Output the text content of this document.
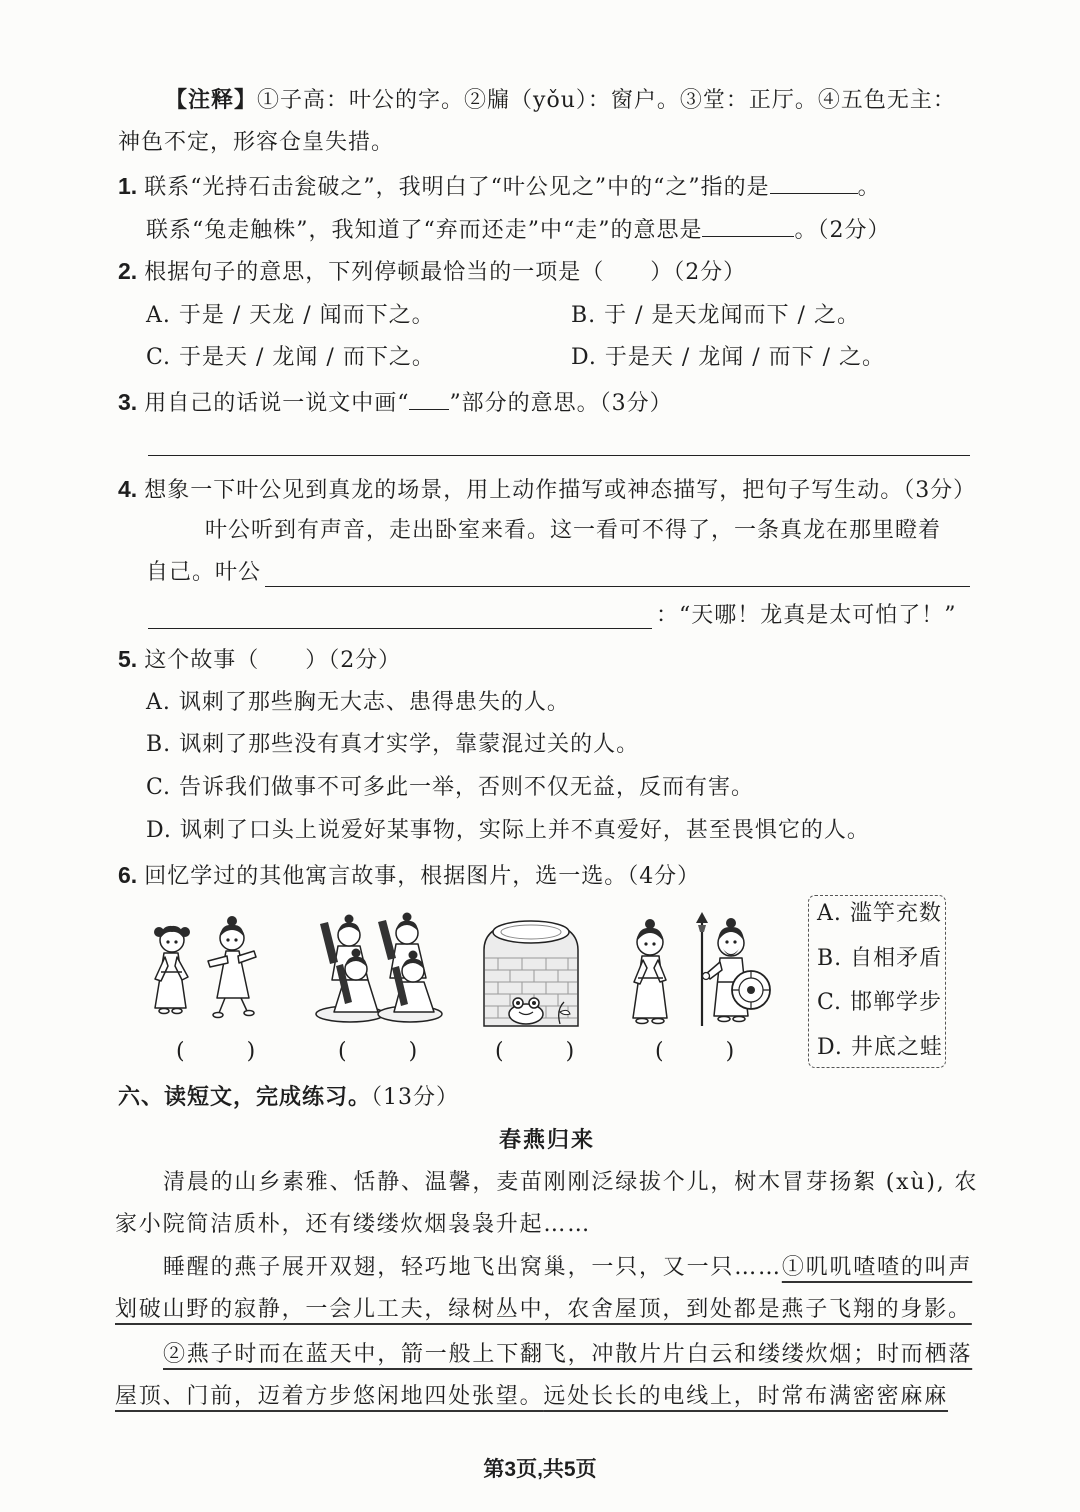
【注释】①子高：叶公的字。②牖（yǒu）：窗户。③堂：正厅。④五色无主：
神色不定，形容仓皇失措。
1. 联系“光持石击瓮破之”，我明白了“叶公见之”中的“之”指的是	。
联系“兔走触株”，我知道了“弃而还走”中“走”的意思是	。（2分）
2. 根据句子的意思，下列停顿最恰当的一项是（　　）（2分）
A. 于是 / 天龙 / 闻而下之。	B. 于 / 是天龙闻而下 / 之。
C. 于是天 / 龙闻 / 而下之。	D. 于是天 / 龙闻 / 而下 / 之。
3. 用自己的话说一说文中画“ ”部分的意思。（3分）
4. 想象一下叶公见到真龙的场景，用上动作描写或神态描写，把句子写生动。（3分）
叶公听到有声音，走出卧室来看。这一看可不得了，一条真龙在那里瞪着
自己。叶公
：“天哪！龙真是太可怕了！”
5. 这个故事（　　）（2分）
A. 讽刺了那些胸无大志、患得患失的人。
B. 讽刺了那些没有真才实学，靠蒙混过关的人。
C. 告诉我们做事不可多此一举，否则不仅无益，反而有害。
D. 讽刺了口头上说爱好某事物，实际上并不真爱好，甚至畏惧它的人。
6. 回忆学过的其他寓言故事，根据图片，选一选。（4分）
(　　)	(　　)	(　　)	(　　)
A. 滥竽充数
B. 自相矛盾
C. 邯郸学步
D. 井底之蛙
六、读短文，完成练习。（13分）
春燕归来
清晨的山乡素雅、恬静、温馨，麦苗刚刚泛绿拔个儿，树木冒芽扬絮 (xù), 农
家小院简洁质朴，还有缕缕炊烟袅袅升起……
睡醒的燕子展开双翅，轻巧地飞出窝巢，一只，又一只……①叽叽喳喳的叫声
划破山野的寂静，一会儿工夫，绿树丛中，农舍屋顶，到处都是燕子飞翔的身影。
②燕子时而在蓝天中，箭一般上下翻飞，冲散片片白云和缕缕炊烟；时而栖落
屋顶、门前，迈着方步悠闲地四处张望。远处长长的电线上，时常布满密密麻麻
第3页,共5页
